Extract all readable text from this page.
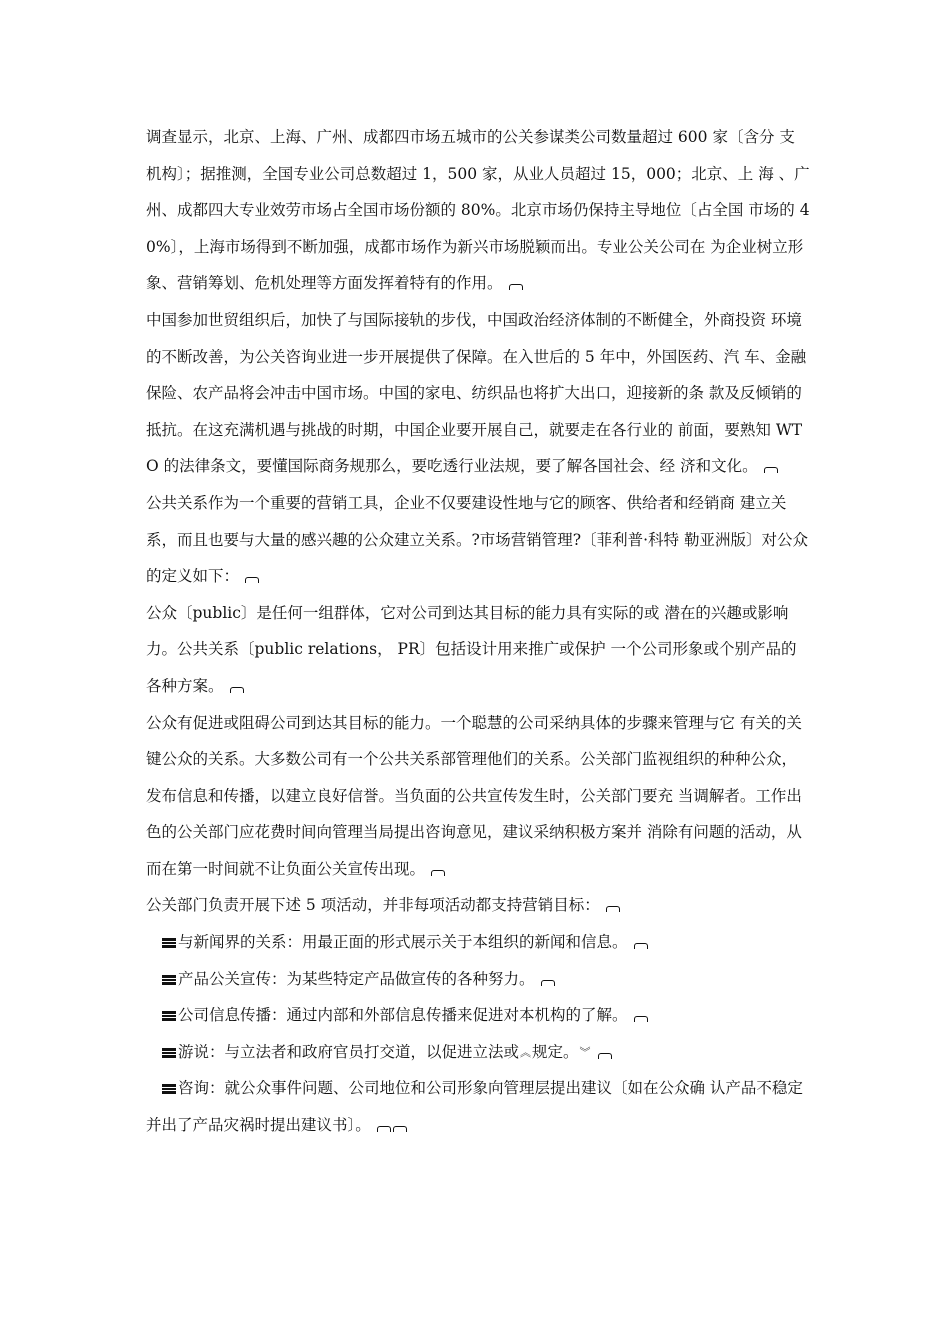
调查显示，北京、上海、广州、成都四市场五城市的公关参谋类公司数量超过 600 家〔含分 支机构〕；据推测，全国专业公司总数超过 1，500 家，从业人员超过 15，000；北京、上 海 、广州、成都四大专业效劳市场占全国市场份额的 80%。北京市场仍保持主导地位〔占全国 市场的 40%〕，上海市场得到不断加强，成都市场作为新兴市场脱颖而出。专业公关公司在 为企业树立形象、营销筹划、危机处理等方面发挥着特有的作用。

中国参加世贸组织后，加快了与国际接轨的步伐，中国政治经济体制的不断健全，外商投资 环境的不断改善，为公关咨询业进一步开展提供了保障。在入世后的 5 年中，外国医药、汽 车、金融保险、农产品将会冲击中国市场。中国的家电、纺织品也将扩大出口，迎接新的条 款及反倾销的抵抗。在这充满机遇与挑战的时期，中国企业要开展自己，就要走在各行业的 前面，要熟知 WTO 的法律条文，要懂国际商务规那么，要吃透行业法规，要了解各国社会、经 济和文化。

公共关系作为一个重要的营销工具，企业不仅要建设性地与它的顾客、供给者和经销商 建立关系，而且也要与大量的感兴趣的公众建立关系。?市场营销管理?〔菲利普·科特 勒亚洲版〕对公众的定义如下：

公众〔public〕是任何一组群体，它对公司到达其目标的能力具有实际的或 潜在的兴趣或影响力。公共关系〔public relations， PR〕包括设计用来推广或保护 一个公司形象或个别产品的各种方案。

公众有促进或阻碍公司到达其目标的能力。一个聪慧的公司采纳具体的步骤来管理与它 有关的关键公众的关系。大多数公司有一个公共关系部管理他们的关系。公关部门监视组织的种种公众，发布信息和传播，以建立良好信誉。当负面的公共宣传发生时，公关部门要充 当调解者。工作出色的公关部门应花费时间向管理当局提出咨询意见，建议采纳积极方案并 消除有问题的活动，从而在第一时间就不让负面公关宣传出现。

公关部门负责开展下述 5 项活动，并非每项活动都支持营销目标：

与新闻界的关系：用最正面的形式展示关于本组织的新闻和信息。

产品公关宣传：为某些特定产品做宣传的各种努力。

公司信息传播：通过内部和外部信息传播来促进对本机构的了解。

游说：与立法者和政府官员打交道，以促进立法或︽规定。︾

咨询：就公众事件问题、公司地位和公司形象向管理层提出建议〔如在公众确 认产品不稳定并出了产品灾祸时提出建议书〕。
